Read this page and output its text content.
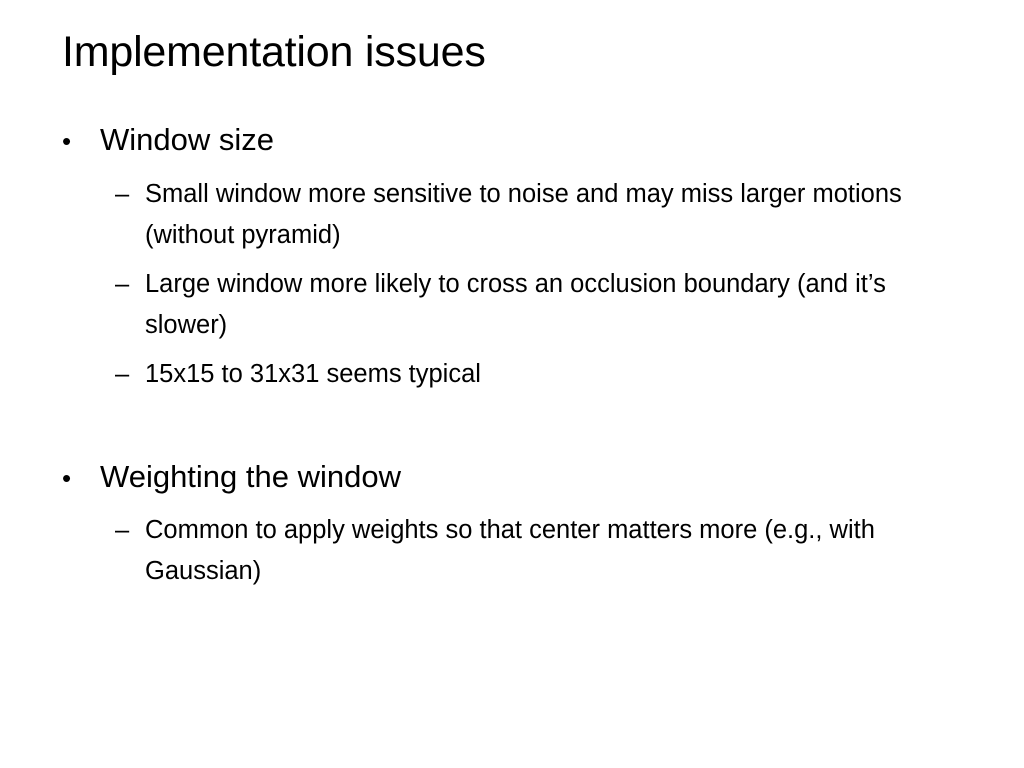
Implementation issues
• Window size
– Small window more sensitive to noise and may miss larger motions (without pyramid)
– Large window more likely to cross an occlusion boundary (and it’s slower)
– 15x15 to 31x31 seems typical
• Weighting the window
– Common to apply weights so that center matters more (e.g., with Gaussian)
